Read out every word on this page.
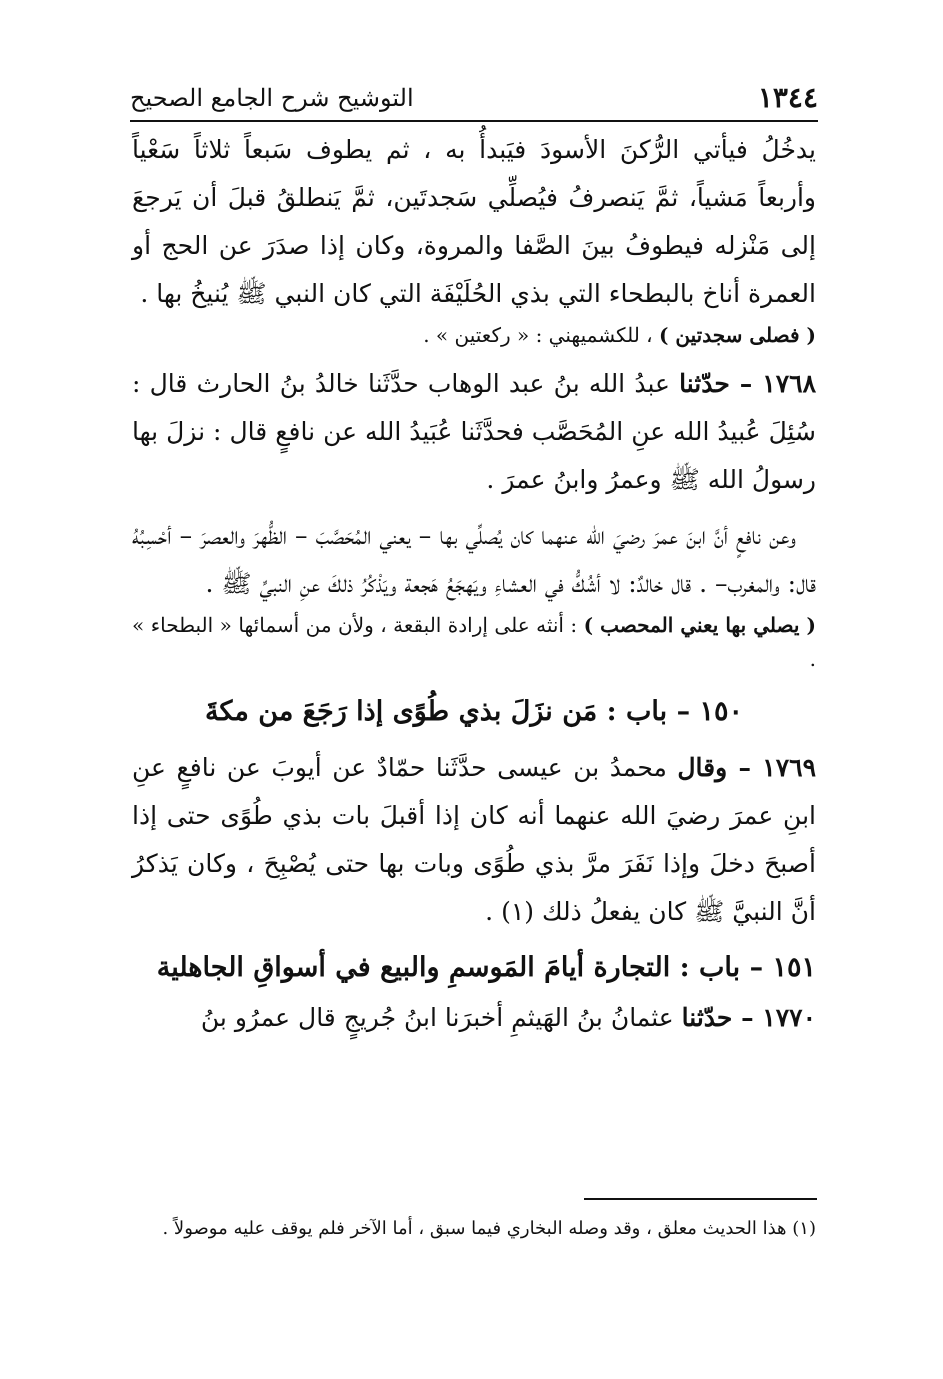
١٣٤٤
التوشيح شرح الجامع الصحيح

يدخُلُ فيأتي الرُّكنَ الأسودَ فيَبدأُ به ، ثم يطوف سَبعاً ثلاثاً سَعْياً وأربعاً مَشياً، ثمَّ يَنصرفُ فيُصلِّي سَجدتَين، ثمَّ يَنطلقُ قبلَ أن يَرجعَ إلى مَنْزله فيطوفُ بينَ الصَّفا والمروة، وكان إذا صدَرَ عن الحج أو العمرة أناخ بالبطحاء التي بذي الحُلَيْفَة التي كان النبي ﷺ يُنيخُ بها .

( فصلى سجدتين ) ، للكشميهني : « ركعتين » .

١٧٦٨ – حدّثنا عبدُ الله بنُ عبد الوهاب حدَّثَنا خالدُ بنُ الحارث قال : سُئِلَ عُبيدُ الله عنِ المُحَصَّب فحدَّثَنا عُبَيدُ الله عن نافعٍ قال : نزلَ بها رسولُ الله ﷺ وعمرُ وابنُ عمرَ .

وعن نافعٍ أنَّ ابنَ عمرَ رضيَ الله عنهما كان يُصلِّي بها – يعني المُحَصَّبَ – الظُّهرَ والعصرَ – أحْسِبُهُ قال: والمغرب– . قال خالدٌ: لا أشُكُّ في العشاءِ ويَهجَعُ هَجعة ويَذْكُرُ ذلكَ عنِ النبيِّ ﷺ .

( يصلي بها يعني المحصب ) : أنثه على إرادة البقعة ، ولأن من أسمائها « البطحاء » .

١٥٠ – باب : مَن نزَلَ بذي طُوًى إذا رَجَعَ من مكةَ

١٧٦٩ – وقال محمدُ بن عيسى حدَّثَنا حمّادٌ عن أيوبَ عن نافعٍ عنِ ابنِ عمرَ رضيَ الله عنهما أنه كان إذا أقبلَ بات بذي طُوًى حتى إذا أصبحَ دخلَ وإذا نَفَرَ مرَّ بذي طُوًى وبات بها حتى يُصْبِحَ ، وكان يَذكرُ أنَّ النبيَّ ﷺ كان يفعلُ ذلك (١) .

١٥١ – باب : التجارة أيامَ المَوسمِ والبيع في أسواقِ الجاهلية

١٧٧٠ – حدّثنا عثمانُ بنُ الهَيثمِ أخبرَنا ابنُ جُريجٍ قال عمرُو بنُ

(١) هذا الحديث معلق ، وقد وصله البخاري فيما سبق ، أما الآخر فلم يوقف عليه موصولاً .
